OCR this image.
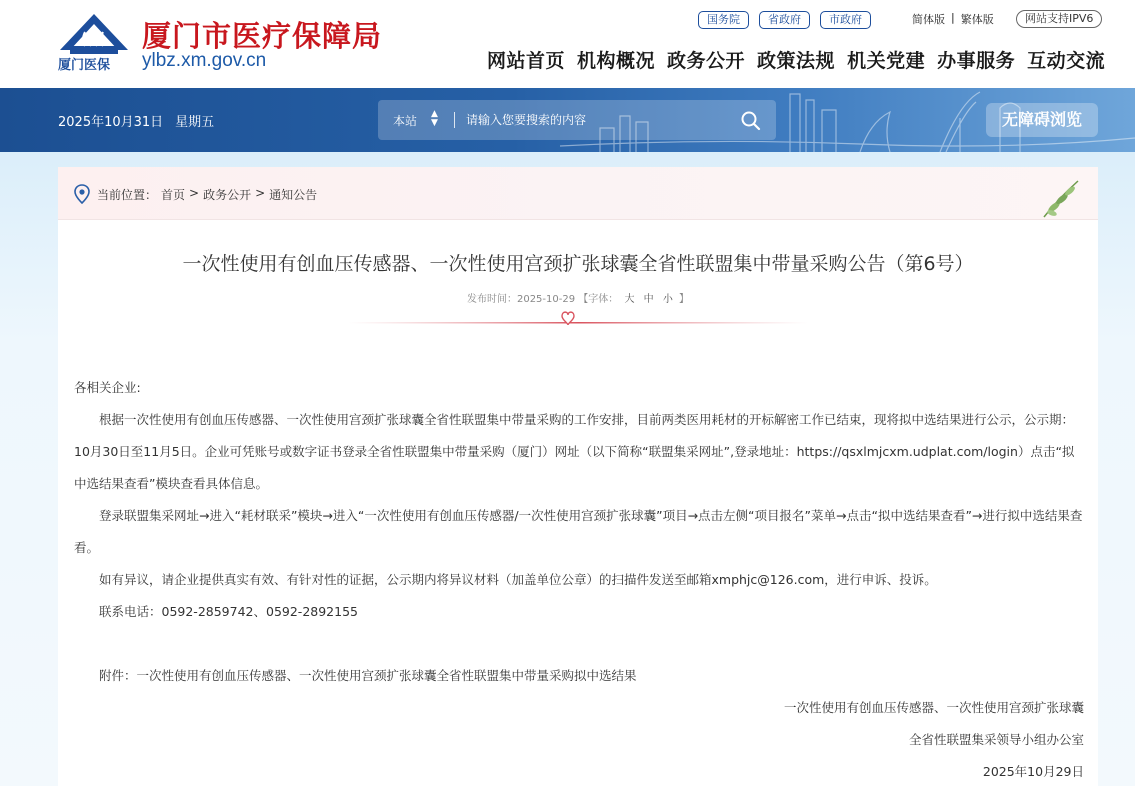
厦门医保
厦门市医疗保障局
ylbz.xm.gov.cn
国务院	省政府	市政府	简体版 | 繁体版	网站支持IPV6
网站首页 机构概况 政务公开 政策法规 机关党建 办事服务 互动交流
2025年10月31日 星期五	本站 ▲
▼
请输入您要搜索的内容	无障碍浏览
当前位置： 首页 > 政务公开 > 通知公告
一次性使用有创血压传感器、一次性使用宫颈扩张球囊全省性联盟集中带量采购公告（第6号）
发布时间：2025-10-29 【字体： 大 中 小 】

各相关企业:

根据一次性使用有创血压传感器、一次性使用宫颈扩张球囊全省性联盟集中带量采购的工作安排，目前两类医用耗材的开标解密工作已结束，现将拟中选结果进行公示，公示期：10月30日至11月5日。企业可凭账号或数字证书登录全省性联盟集中带量采购（厦门）网址（以下简称“联盟集采网址”,登录地址：https://qsxlmjcxm.udplat.com/login）点击“拟中选结果查看”模块查看具体信息。

登录联盟集采网址→进入“耗材联采”模块→进入“一次性使用有创血压传感器/一次性使用宫颈扩张球囊”项目→点击左侧“项目报名”菜单→点击“拟中选结果查看”→进行拟中选结果查看。

如有异议，请企业提供真实有效、有针对性的证据，公示期内将异议材料（加盖单位公章）的扫描件发送至邮箱xmphjc@126.com，进行申诉、投诉。

联系电话：0592-2859742、0592-2892155

附件：一次性使用有创血压传感器、一次性使用宫颈扩张球囊全省性联盟集中带量采购拟中选结果

一次性使用有创血压传感器、一次性使用宫颈扩张球囊

全省性联盟集采领导小组办公室

2025年10月29日
